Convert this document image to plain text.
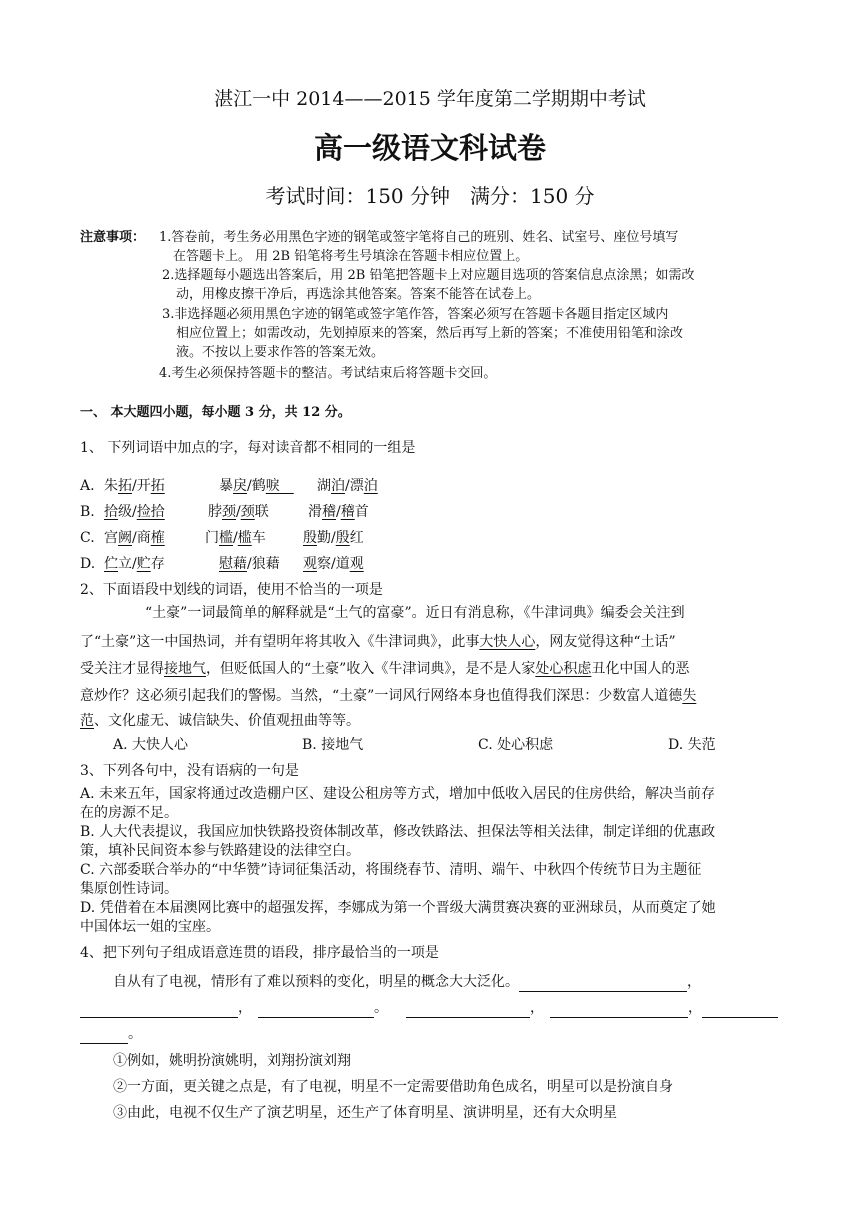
湛江一中 2014——2015 学年度第二学期期中考试
高一级语文科试卷
考试时间：150 分钟　满分：150 分
注意事项： 1.答卷前，考生务必用黑色字迹的钢笔或签字笔将自己的班别、姓名、试室号、座位号填写
在答题卡上。 用 2B 铅笔将考生号填涂在答题卡相应位置上。
2.选择题每小题选出答案后，用 2B 铅笔把答题卡上对应题目选项的答案信息点涂黑；如需改
动，用橡皮擦干净后，再选涂其他答案。答案不能答在试卷上。
3.非选择题必须用黑色字迹的钢笔或签字笔作答，答案必须写在答题卡各题目指定区域内
相应位置上；如需改动，先划掉原来的答案，然后再写上新的答案；不准使用铅笔和涂改
液。不按以上要求作答的答案无效。
4.考生必须保持答题卡的整洁。考试结束后将答题卡交回。
一、 本大题四小题，每小题 3 分，共 12 分。
1、 下列词语中加点的字，每对读音都不相同的一组是
A. 朱拓/开拓	暴戾/鹤唳　 湖泊/漂泊
B. 拾级/捡拾	脖颈/颈联	滑稽/稽首
C. 宫阙/商榷	门槛/槛车	殷勤/殷红
D. 伫立/贮存	慰藉/狼藉 观察/道观
2、下面语段中划线的词语，使用不恰当的一项是
“土豪”一词最简单的解释就是“土气的富豪”。近日有消息称，《牛津词典》编委会关注到
了“土豪”这一中国热词，并有望明年将其收入《牛津词典》，此事大快人心，网友觉得这种“土话”
受关注才显得接地气，但贬低国人的“土豪”收入《牛津词典》，是不是人家处心积虑丑化中国人的恶
意炒作？这必须引起我们的警惕。当然，“土豪”一词风行网络本身也值得我们深思：少数富人道德失
范、文化虚无、诚信缺失、价值观扭曲等等。
A. 大快人心	B. 接地气	C. 处心积虑	D. 失范
3、下列各句中，没有语病的一句是
A. 未来五年，国家将通过改造棚户区、建设公租房等方式，增加中低收入居民的住房供给，解决当前存
在的房源不足。
B. 人大代表提议，我国应加快铁路投资体制改革，修改铁路法、担保法等相关法律，制定详细的优惠政
策，填补民间资本参与铁路建设的法律空白。
C. 六部委联合举办的“中华赞”诗词征集活动，将围绕春节、清明、端午、中秋四个传统节日为主题征
集原创性诗词。
D. 凭借着在本届澳网比赛中的超强发挥，李娜成为第一个晋级大满贯赛决赛的亚洲球员，从而奠定了她
中国体坛一姐的宝座。
4、把下列句子组成语意连贯的语段，排序最恰当的一项是
自从有了电视，情形有了难以预料的变化，明星的概念大大泛化。	，
，	。	，	，
。
①例如，姚明扮演姚明，刘翔扮演刘翔
②一方面，更关键之点是，有了电视，明星不一定需要借助角色成名，明星可以是扮演自身
③由此，电视不仅生产了演艺明星，还生产了体育明星、演讲明星，还有大众明星
